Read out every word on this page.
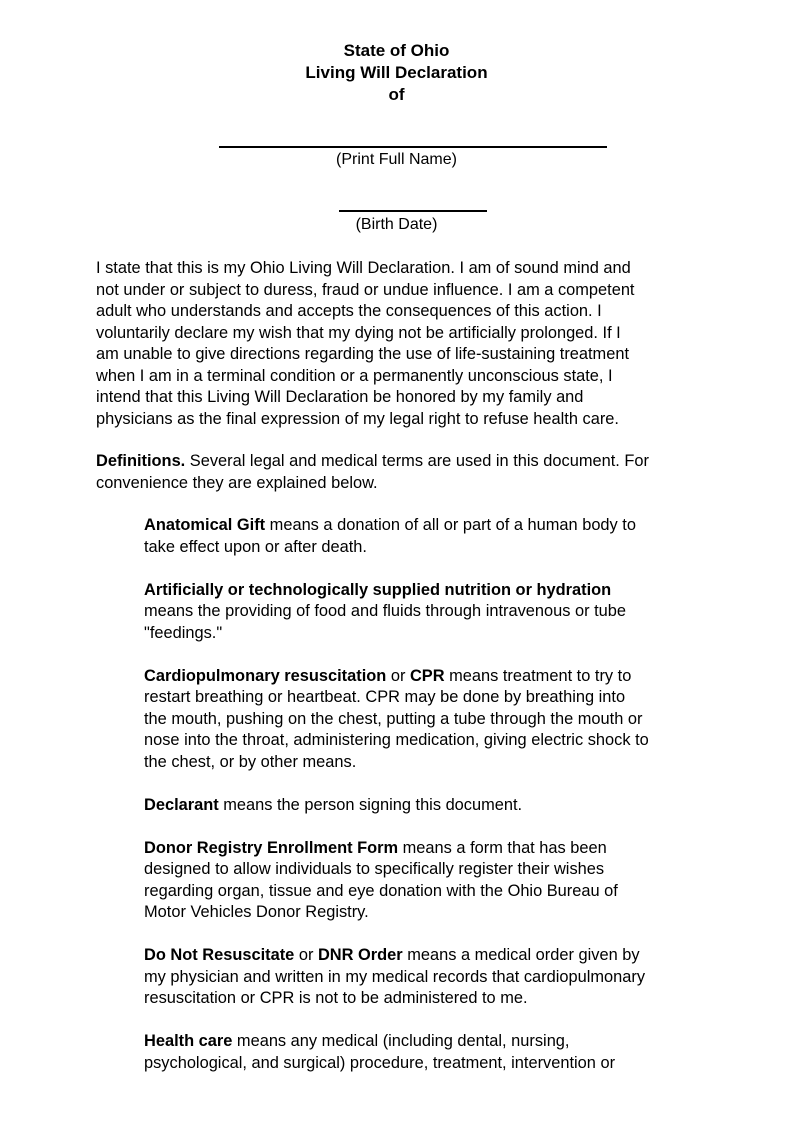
State of Ohio
Living Will Declaration
of
(Print Full Name)
(Birth Date)
I state that this is my Ohio Living Will Declaration. I am of sound mind and
not under or subject to duress, fraud or undue influence. I am a competent
adult who understands and accepts the consequences of this action. I
voluntarily declare my wish that my dying not be artificially prolonged. If I
am unable to give directions regarding the use of life-sustaining treatment
when I am in a terminal condition or a permanently unconscious state, I
intend that this Living Will Declaration be honored by my family and
physicians as the final expression of my legal right to refuse health care.
Definitions. Several legal and medical terms are used in this document. For
convenience they are explained below.
Anatomical Gift means a donation of all or part of a human body to
take effect upon or after death.
Artificially or technologically supplied nutrition or hydration
means the providing of food and fluids through intravenous or tube
"feedings."
Cardiopulmonary resuscitation or CPR means treatment to try to
restart breathing or heartbeat. CPR may be done by breathing into
the mouth, pushing on the chest, putting a tube through the mouth or
nose into the throat, administering medication, giving electric shock to
the chest, or by other means.
Declarant means the person signing this document.
Donor Registry Enrollment Form means a form that has been
designed to allow individuals to specifically register their wishes
regarding organ, tissue and eye donation with the Ohio Bureau of
Motor Vehicles Donor Registry.
Do Not Resuscitate or DNR Order means a medical order given by
my physician and written in my medical records that cardiopulmonary
resuscitation or CPR is not to be administered to me.
Health care means any medical (including dental, nursing,
psychological, and surgical) procedure, treatment, intervention or
